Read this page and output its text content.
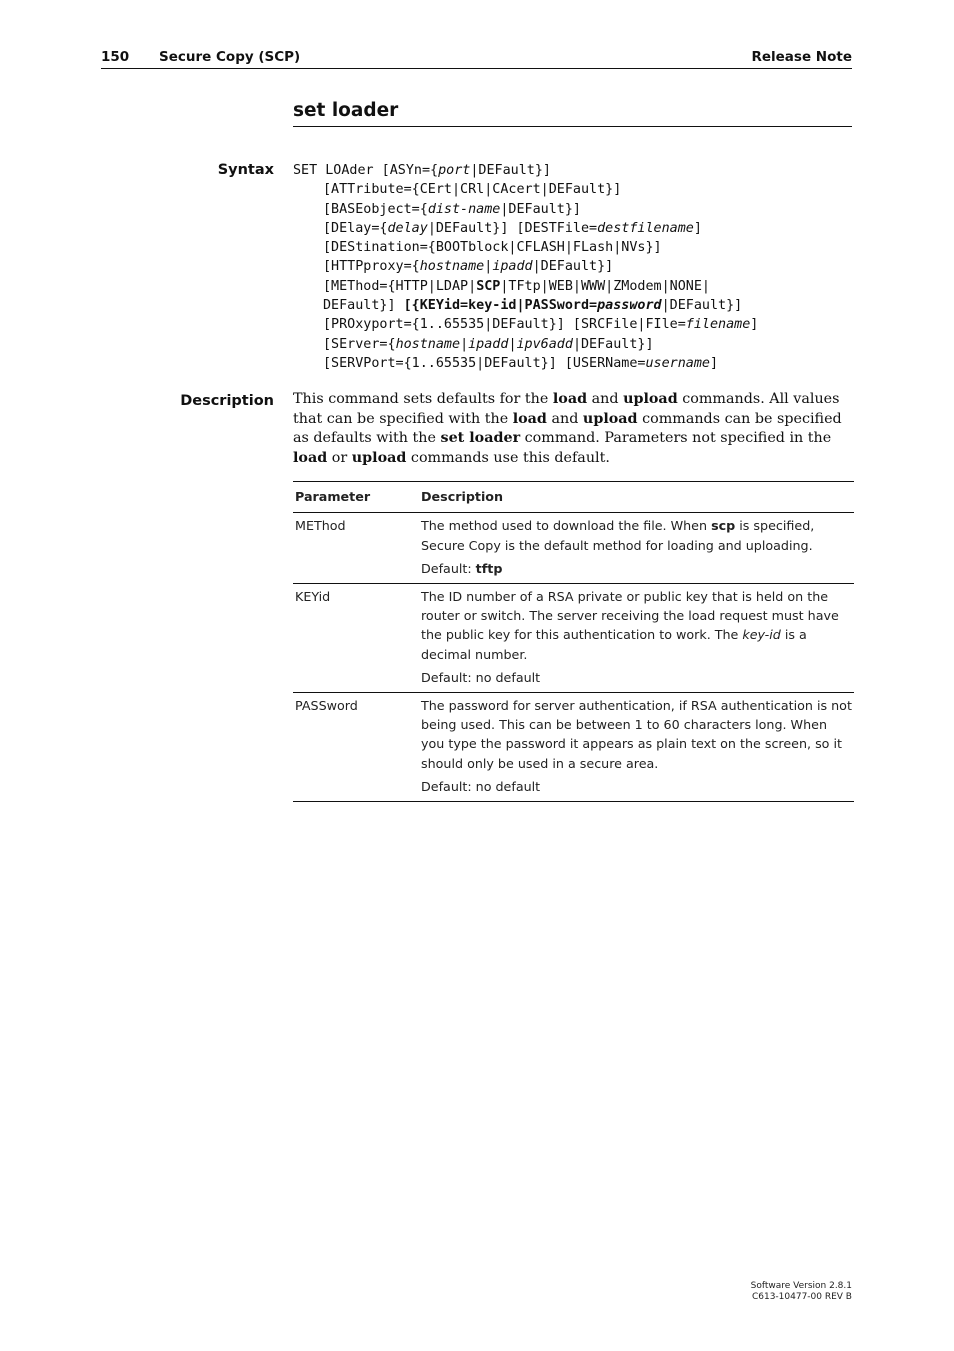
150 Secure Copy (SCP)	Release Note
set loader
Syntax SET LOAder [ASYn={port|DEFault}]
[ATTribute={CErt|CRl|CAcert|DEFault}]
[BASEobject={dist-name|DEFault}]
[DElay={delay|DEFault}] [DESTFile=destfilename]
[DEStination={BOOTblock|CFLASH|FLash|NVs}]
[HTTPproxy={hostname|ipadd|DEFault}]
[METhod={HTTP|LDAP|SCP|TFtp|WEB|WWW|ZModem|NONE|
DEFault}] [{KEYid=key-id|PASSword=password|DEFault}]
[PROxyport={1..65535|DEFault}] [SRCFile|FIle=filename]
[SErver={hostname|ipadd|ipv6add|DEFault}]
[SERVPort={1..65535|DEFault}] [USERName=username]
Description This command sets defaults for the load and upload commands. All values that can be specified with the load and upload commands can be specified as defaults with the set loader command. Parameters not specified in the load or upload commands use this default.
Parameter	Description
METhod	The method used to download the file. When scp is specified, Secure Copy is the default method for loading and uploading.

Default: tftp

KEYid	The ID number of a RSA private or public key that is held on the router or switch. The server receiving the load request must have the public key for this authentication to work. The key-id is a decimal number.

Default: no default

PASSword	The password for server authentication, if RSA authentication is not being used. This can be between 1 to 60 characters long. When you type the password it appears as plain text on the screen, so it should only be used in a secure area.

Default: no default

Software Version 2.8.1
C613-10477-00 REV B
